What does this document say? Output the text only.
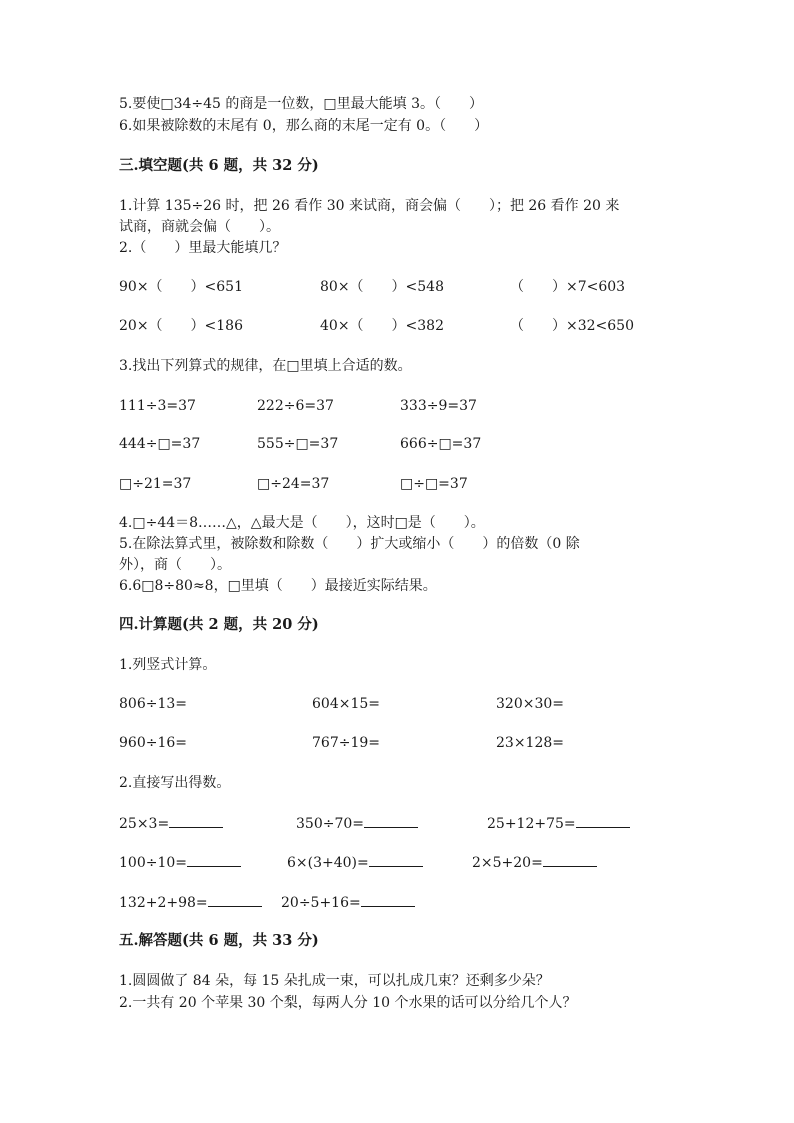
5.要使□34÷45 的商是一位数，□里最大能填 3。（　　）
6.如果被除数的末尾有 0，那么商的末尾一定有 0。（　　）
三.填空题(共 6 题，共 32 分)
1.计算 135÷26 时，把 26 看作 30 来试商，商会偏（　　）；把 26 看作 20 来
试商，商就会偏（　　）。
2.（　　）里最大能填几？
90×（　　）<651	80×（　　）<548	（　　）×7<603
20×（　　）<186	40×（　　）<382	（　　）×32<650
3.找出下列算式的规律，在□里填上合适的数。
111÷3=37	222÷6=37	333÷9=37
444÷□=37	555÷□=37	666÷□=37
□÷21=37	□÷24=37	□÷□=37
4.□÷44＝8……△，△最大是（　　），这时□是（　　）。
5.在除法算式里，被除数和除数（　　）扩大或缩小（　　）的倍数（0 除
外），商（　　）。
6.6□8÷80≈8，□里填（　　）最接近实际结果。
四.计算题(共 2 题，共 20 分)
1.列竖式计算。
806÷13=	604×15=	320×30=
960÷16=	767÷19=	23×128=
2.直接写出得数。
25×3=	350÷70=	25+12+75=
100÷10=	6×(3+40)=	2×5+20=
132+2+98=	20÷5+16=
五.解答题(共 6 题，共 33 分)
1.圆圆做了 84 朵，每 15 朵扎成一束，可以扎成几束？还剩多少朵？
2.一共有 20 个苹果 30 个梨，每两人分 10 个水果的话可以分给几个人？
